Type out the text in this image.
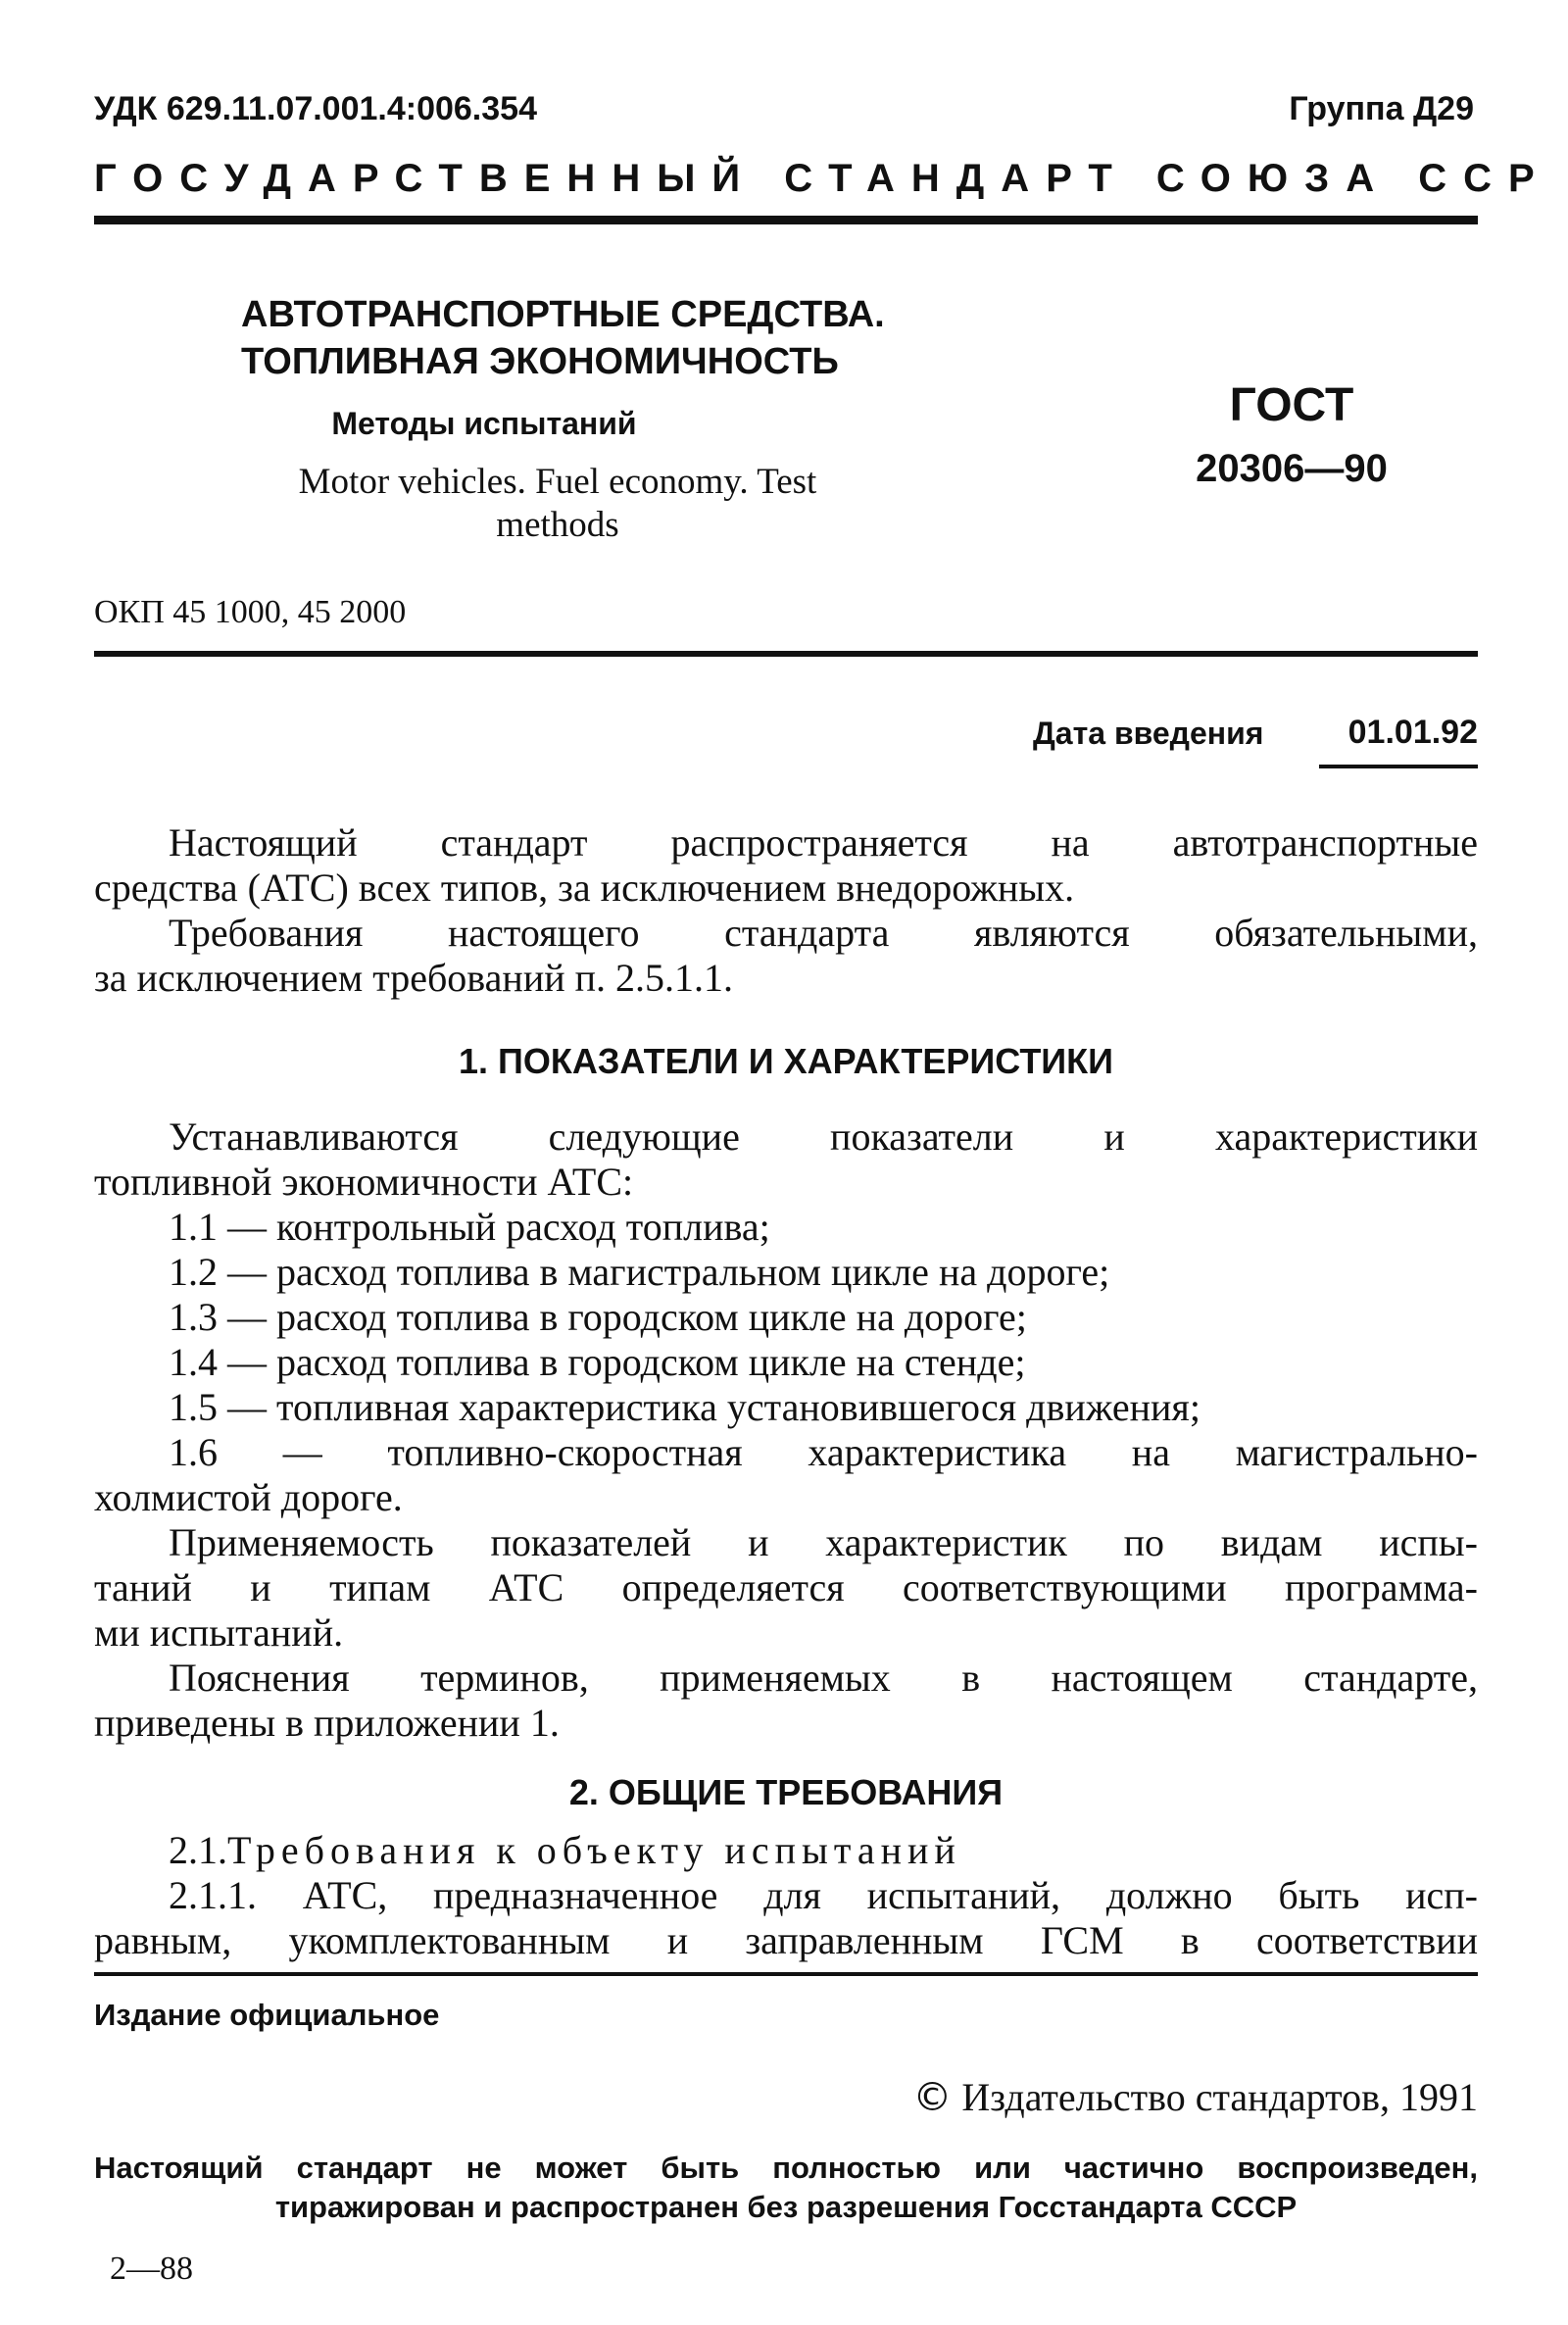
УДК 629.11.07.001.4:006.354	Группа Д29
ГОСУДАРСТВЕННЫЙ СТАНДАРТ СОЮЗА ССР
АВТОТРАНСПОРТНЫЕ СРЕДСТВА.
ТОПЛИВНАЯ ЭКОНОМИЧНОСТЬ
Методы испытаний
Motor vehicles. Fuel economy. Test methods
ГОСТ
20306—90
ОКП 45 1000, 45 2000
Дата введения	01.01.92
Настоящий стандарт распространяется на автотранспортные
средства (АТС) всех типов, за исключением внедорожных.
Требования настоящего стандарта являются обязательными,
за исключением требований п. 2.5.1.1.
1. ПОКАЗАТЕЛИ И ХАРАКТЕРИСТИКИ
Устанавливаются следующие показатели и характеристики
топливной экономичности АТС:
1.1 — контрольный расход топлива;
1.2 — расход топлива в магистральном цикле на дороге;
1.3 — расход топлива в городском цикле на дороге;
1.4 — расход топлива в городском цикле на стенде;
1.5 — топливная характеристика установившегося движения;
1.6 — топливно-скоростная характеристика на магистрально-
холмистой дороге.
Применяемость показателей и характеристик по видам испы-
таний и типам АТС определяется соответствующими программа-
ми испытаний.
Пояснения терминов, применяемых в настоящем стандарте,
приведены в приложении 1.
2. ОБЩИЕ ТРЕБОВАНИЯ
2.1.Требования к объекту испытаний
2.1.1. АТС, предназначенное для испытаний, должно быть исп-
равным, укомплектованным и заправленным ГСМ в соответствии
Издание официальное
© Издательство стандартов, 1991
Настоящий стандарт не может быть полностью или частично воспроизведен,
тиражирован и распространен без разрешения Госстандарта СССР
2—88
